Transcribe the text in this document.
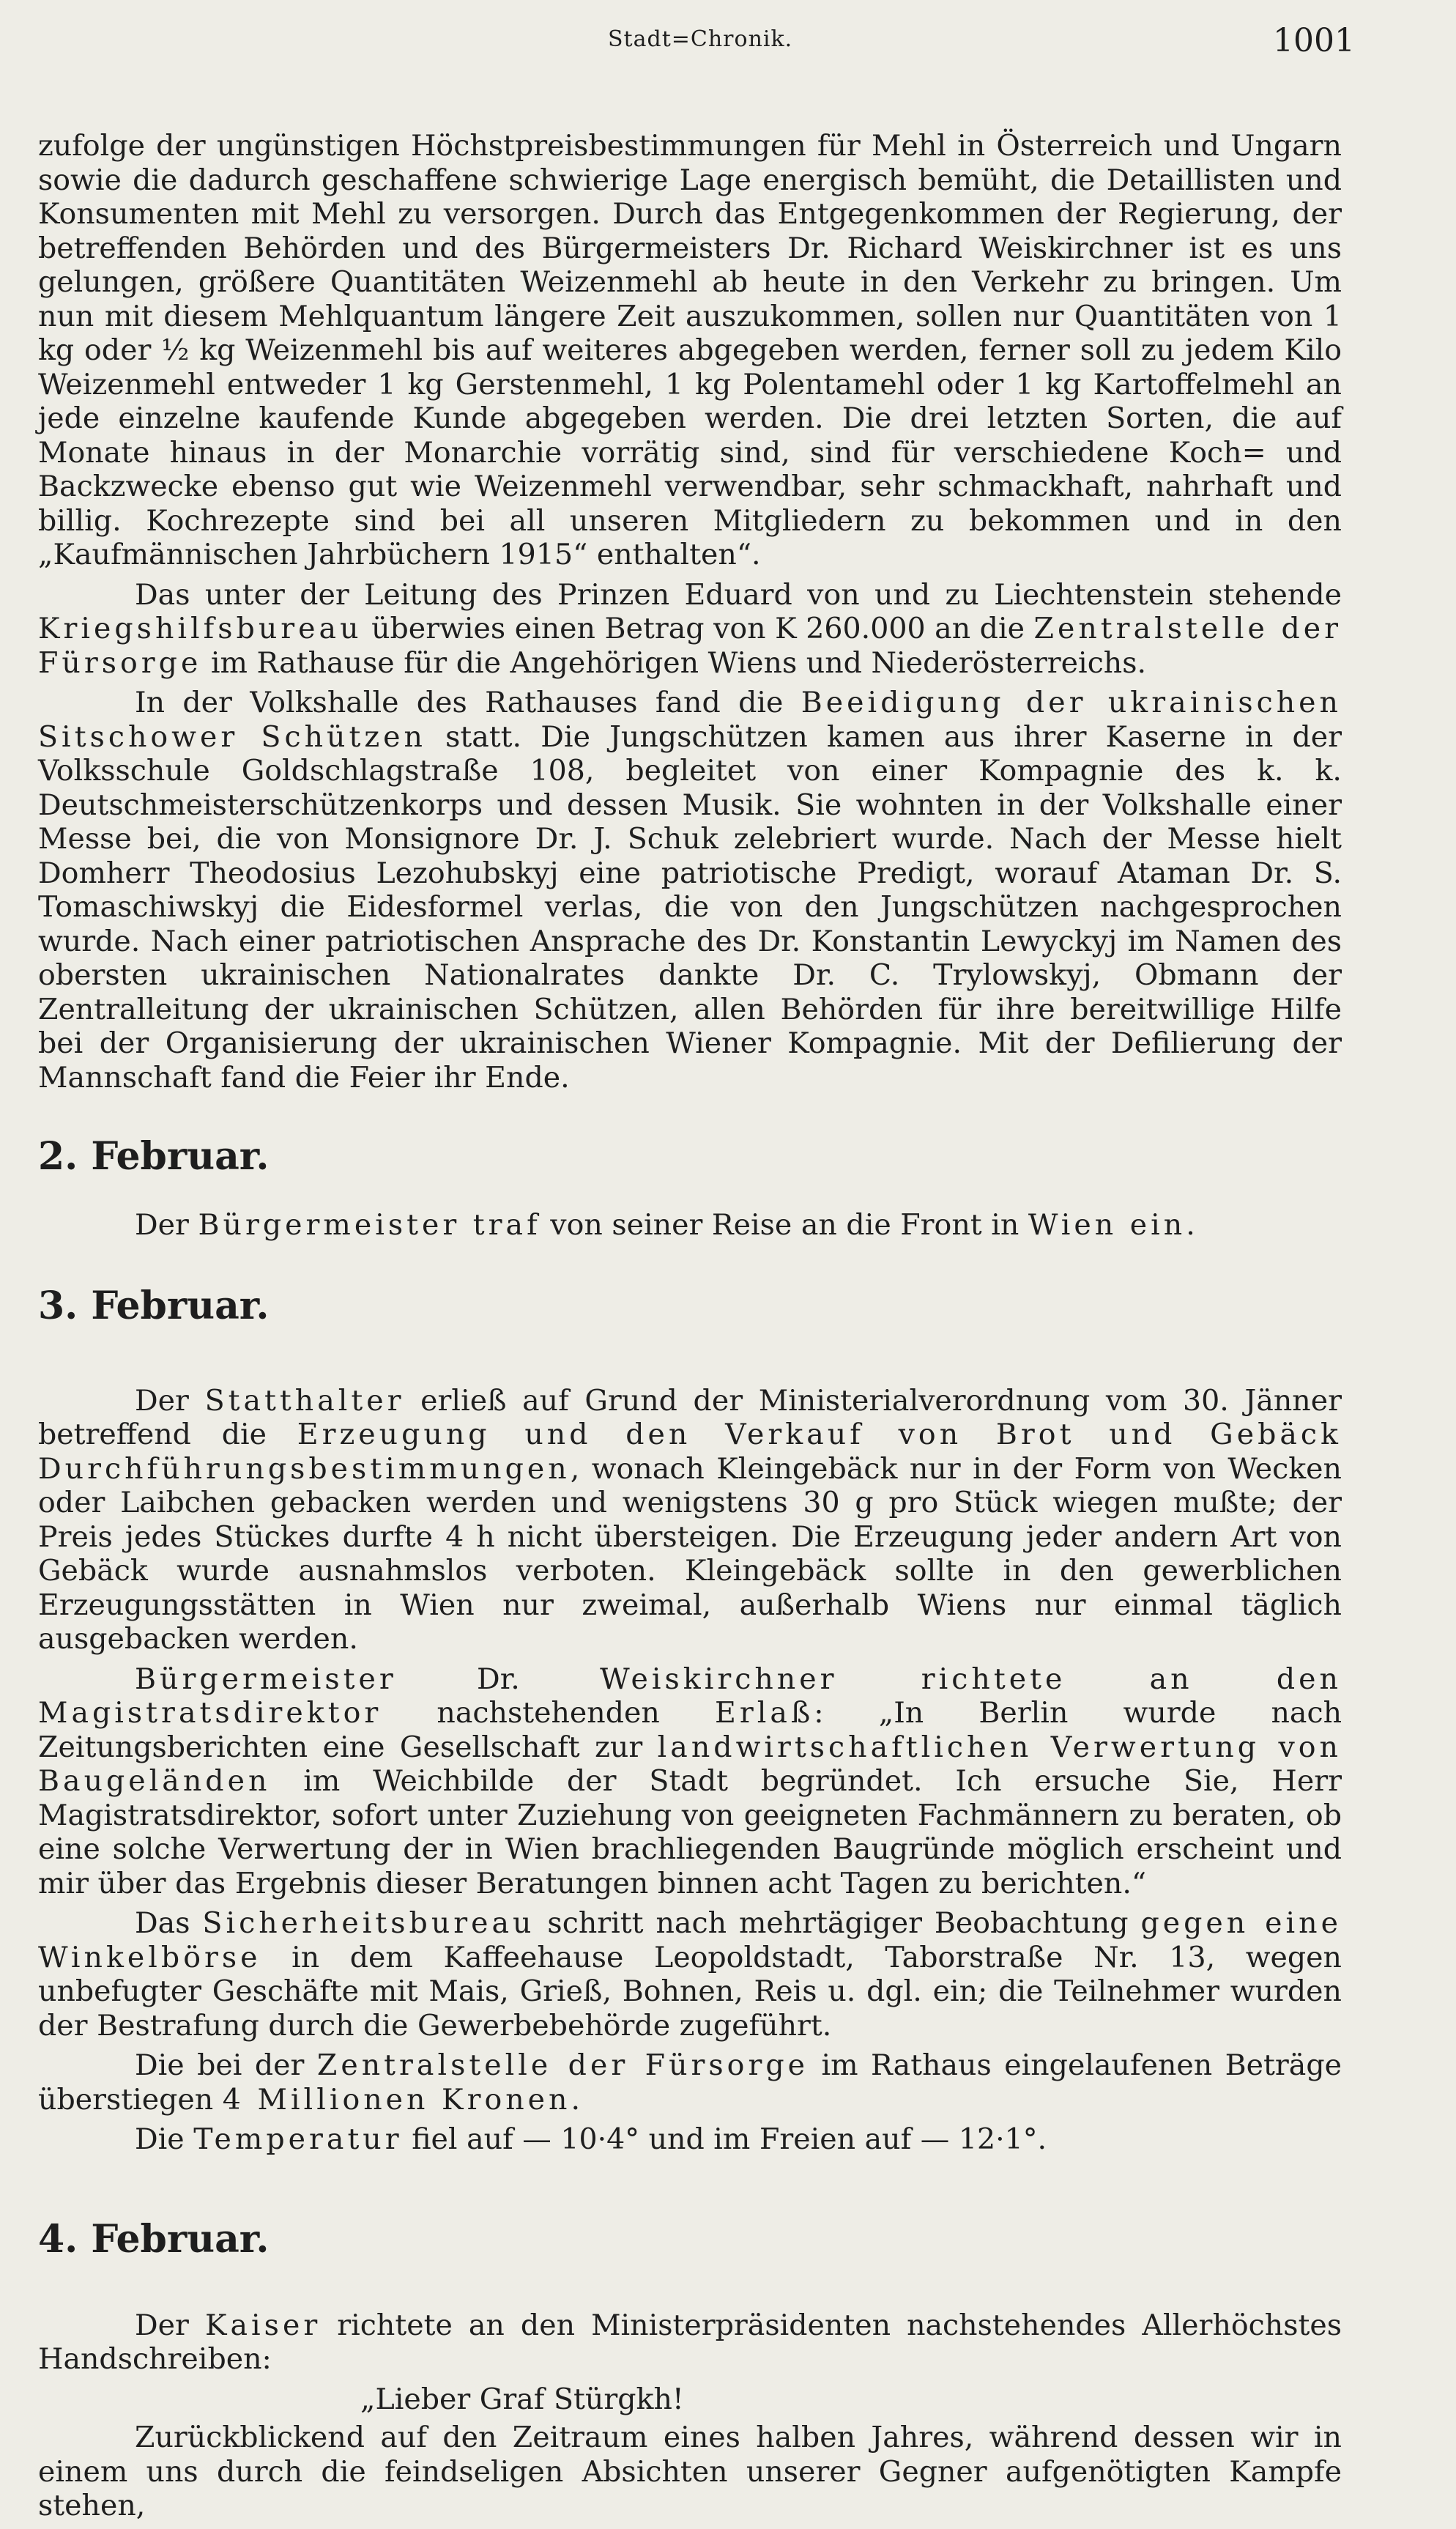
Stadt=Chronik.	1001

zufolge der ungünstigen Höchstpreisbestimmungen für Mehl in Österreich und Ungarn sowie die dadurch geschaffene schwierige Lage energisch bemüht, die Detaillisten und Konsumenten mit Mehl zu versorgen. Durch das Entgegenkommen der Regierung, der betreffenden Behörden und des Bürgermeisters Dr. Richard Weiskirchner ist es uns gelungen, größere Quantitäten Weizenmehl ab heute in den Verkehr zu bringen. Um nun mit diesem Mehlquantum längere Zeit auszukommen, sollen nur Quantitäten von 1 kg oder ½ kg Weizenmehl bis auf weiteres abgegeben werden, ferner soll zu jedem Kilo Weizenmehl entweder 1 kg Gerstenmehl, 1 kg Polentamehl oder 1 kg Kartoffelmehl an jede einzelne kaufende Kunde abgegeben werden. Die drei letzten Sorten, die auf Monate hinaus in der Monarchie vorrätig sind, sind für verschiedene Koch= und Backzwecke ebenso gut wie Weizenmehl verwendbar, sehr schmackhaft, nahrhaft und billig. Kochrezepte sind bei all unseren Mitgliedern zu bekommen und in den „Kaufmännischen Jahrbüchern 1915“ enthalten“.

Das unter der Leitung des Prinzen Eduard von und zu Liechtenstein stehende Kriegshilfsbureau überwies einen Betrag von K 260.000 an die Zentralstelle der Fürsorge im Rathause für die Angehörigen Wiens und Niederösterreichs.

In der Volkshalle des Rathauses fand die Beeidigung der ukrainischen Sitschower Schützen statt. Die Jungschützen kamen aus ihrer Kaserne in der Volksschule Goldschlagstraße 108, begleitet von einer Kompagnie des k. k. Deutschmeisterschützenkorps und dessen Musik. Sie wohnten in der Volkshalle einer Messe bei, die von Monsignore Dr. J. Schuk zelebriert wurde. Nach der Messe hielt Domherr Theodosius Lezohubskyj eine patriotische Predigt, worauf Ataman Dr. S. Tomaschiwskyj die Eidesformel verlas, die von den Jungschützen nachgesprochen wurde. Nach einer patriotischen Ansprache des Dr. Konstantin Lewyckyj im Namen des obersten ukrainischen Nationalrates dankte Dr. C. Trylowskyj, Obmann der Zentralleitung der ukrainischen Schützen, allen Behörden für ihre bereitwillige Hilfe bei der Organisierung der ukrainischen Wiener Kompagnie. Mit der Defilierung der Mannschaft fand die Feier ihr Ende.

2. Februar.

Der Bürgermeister traf von seiner Reise an die Front in Wien ein.

3. Februar.

Der Statthalter erließ auf Grund der Ministerialverordnung vom 30. Jänner betreffend die Erzeugung und den Verkauf von Brot und Gebäck Durchführungsbestimmungen, wonach Kleingebäck nur in der Form von Wecken oder Laibchen gebacken werden und wenigstens 30 g pro Stück wiegen mußte; der Preis jedes Stückes durfte 4 h nicht übersteigen. Die Erzeugung jeder andern Art von Gebäck wurde ausnahmslos verboten. Kleingebäck sollte in den gewerblichen Erzeugungsstätten in Wien nur zweimal, außerhalb Wiens nur einmal täglich ausgebacken werden.

Bürgermeister Dr. Weiskirchner richtete an den Magistratsdirektor nachstehenden Erlaß: „In Berlin wurde nach Zeitungsberichten eine Gesellschaft zur landwirtschaftlichen Verwertung von Baugeländen im Weichbilde der Stadt begründet. Ich ersuche Sie, Herr Magistratsdirektor, sofort unter Zuziehung von geeigneten Fachmännern zu beraten, ob eine solche Verwertung der in Wien brachliegenden Baugründe möglich erscheint und mir über das Ergebnis dieser Beratungen binnen acht Tagen zu berichten.“

Das Sicherheitsbureau schritt nach mehrtägiger Beobachtung gegen eine Winkelbörse in dem Kaffeehause Leopoldstadt, Taborstraße Nr. 13, wegen unbefugter Geschäfte mit Mais, Grieß, Bohnen, Reis u. dgl. ein; die Teilnehmer wurden der Bestrafung durch die Gewerbebehörde zugeführt.

Die bei der Zentralstelle der Fürsorge im Rathaus eingelaufenen Beträge überstiegen 4 Millionen Kronen.

Die Temperatur fiel auf — 10·4° und im Freien auf — 12·1°.

4. Februar.

Der Kaiser richtete an den Ministerpräsidenten nachstehendes Allerhöchstes Handschreiben:

„Lieber Graf Stürgkh!

Zurückblickend auf den Zeitraum eines halben Jahres, während dessen wir in einem uns durch die feindseligen Absichten unserer Gegner aufgenötigten Kampfe stehen,
